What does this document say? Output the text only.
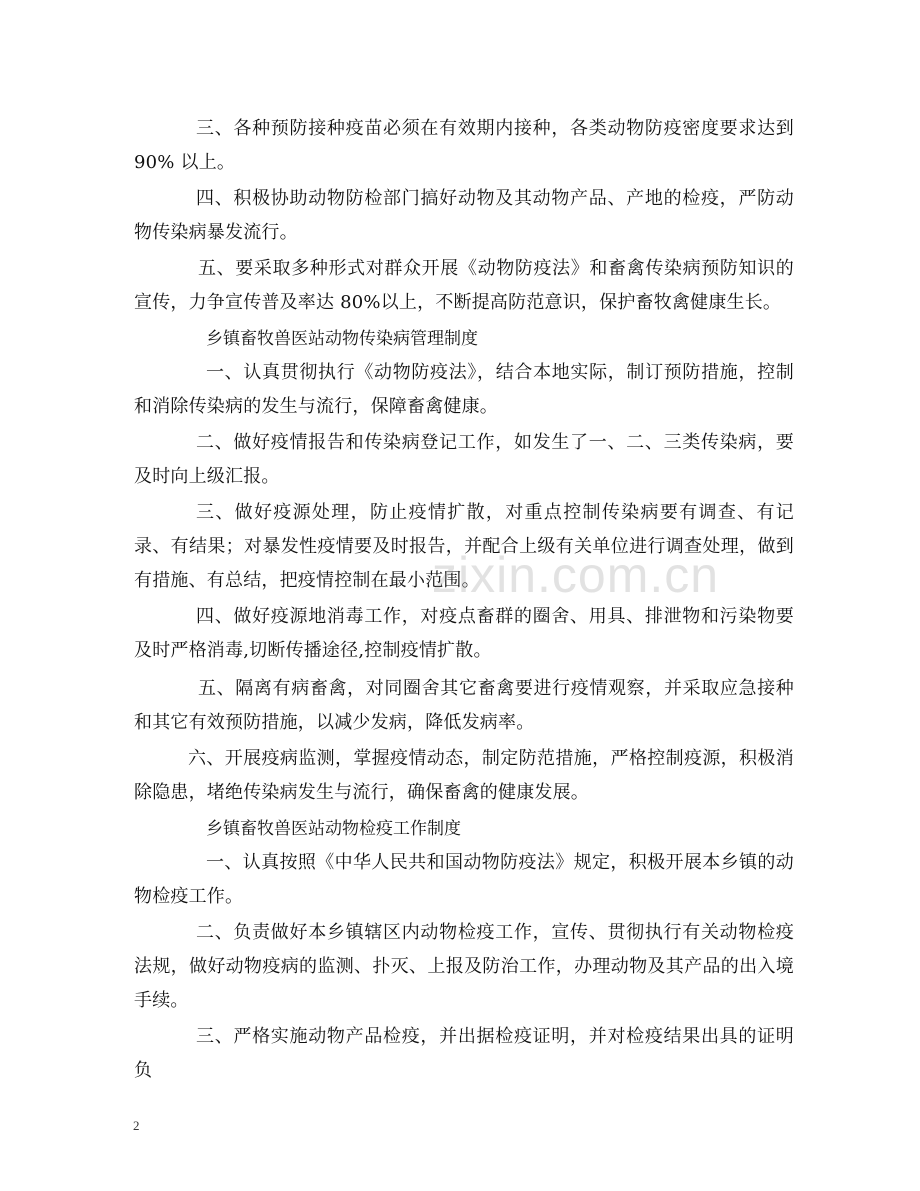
三、各种预防接种疫苗必须在有效期内接种，各类动物防疫密度要求达到 90% 以上。

四、积极协助动物防检部门搞好动物及其动物产品、产地的检疫，严防动物传染病暴发流行。

五、要采取多种形式对群众开展《动物防疫法》和畜禽传染病预防知识的宣传，力争宣传普及率达 80%以上，不断提高防范意识，保护畜牧禽健康生长。

乡镇畜牧兽医站动物传染病管理制度

一、认真贯彻执行《动物防疫法》，结合本地实际，制订预防措施，控制和消除传染病的发生与流行，保障畜禽健康。

二、做好疫情报告和传染病登记工作，如发生了一、二、三类传染病，要及时向上级汇报。

三、做好疫源处理，防止疫情扩散，对重点控制传染病要有调查、有记录、有结果；对暴发性疫情要及时报告，并配合上级有关单位进行调查处理，做到有措施、有总结，把疫情控制在最小范围。

四、做好疫源地消毒工作，对疫点畜群的圈舍、用具、排泄物和污染物要及时严格消毒,切断传播途径,控制疫情扩散。

五、隔离有病畜禽，对同圈舍其它畜禽要进行疫情观察，并采取应急接种和其它有效预防措施，以减少发病，降低发病率。

六、开展疫病监测，掌握疫情动态，制定防范措施，严格控制疫源，积极消除隐患，堵绝传染病发生与流行，确保畜禽的健康发展。

乡镇畜牧兽医站动物检疫工作制度

一、认真按照《中华人民共和国动物防疫法》规定，积极开展本乡镇的动物检疫工作。

二、负责做好本乡镇辖区内动物检疫工作，宣传、贯彻执行有关动物检疫法规，做好动物疫病的监测、扑灭、上报及防治工作，办理动物及其产品的出入境手续。

三、严格实施动物产品检疫，并出据检疫证明，并对检疫结果出具的证明负

zixin.com.cn
2
